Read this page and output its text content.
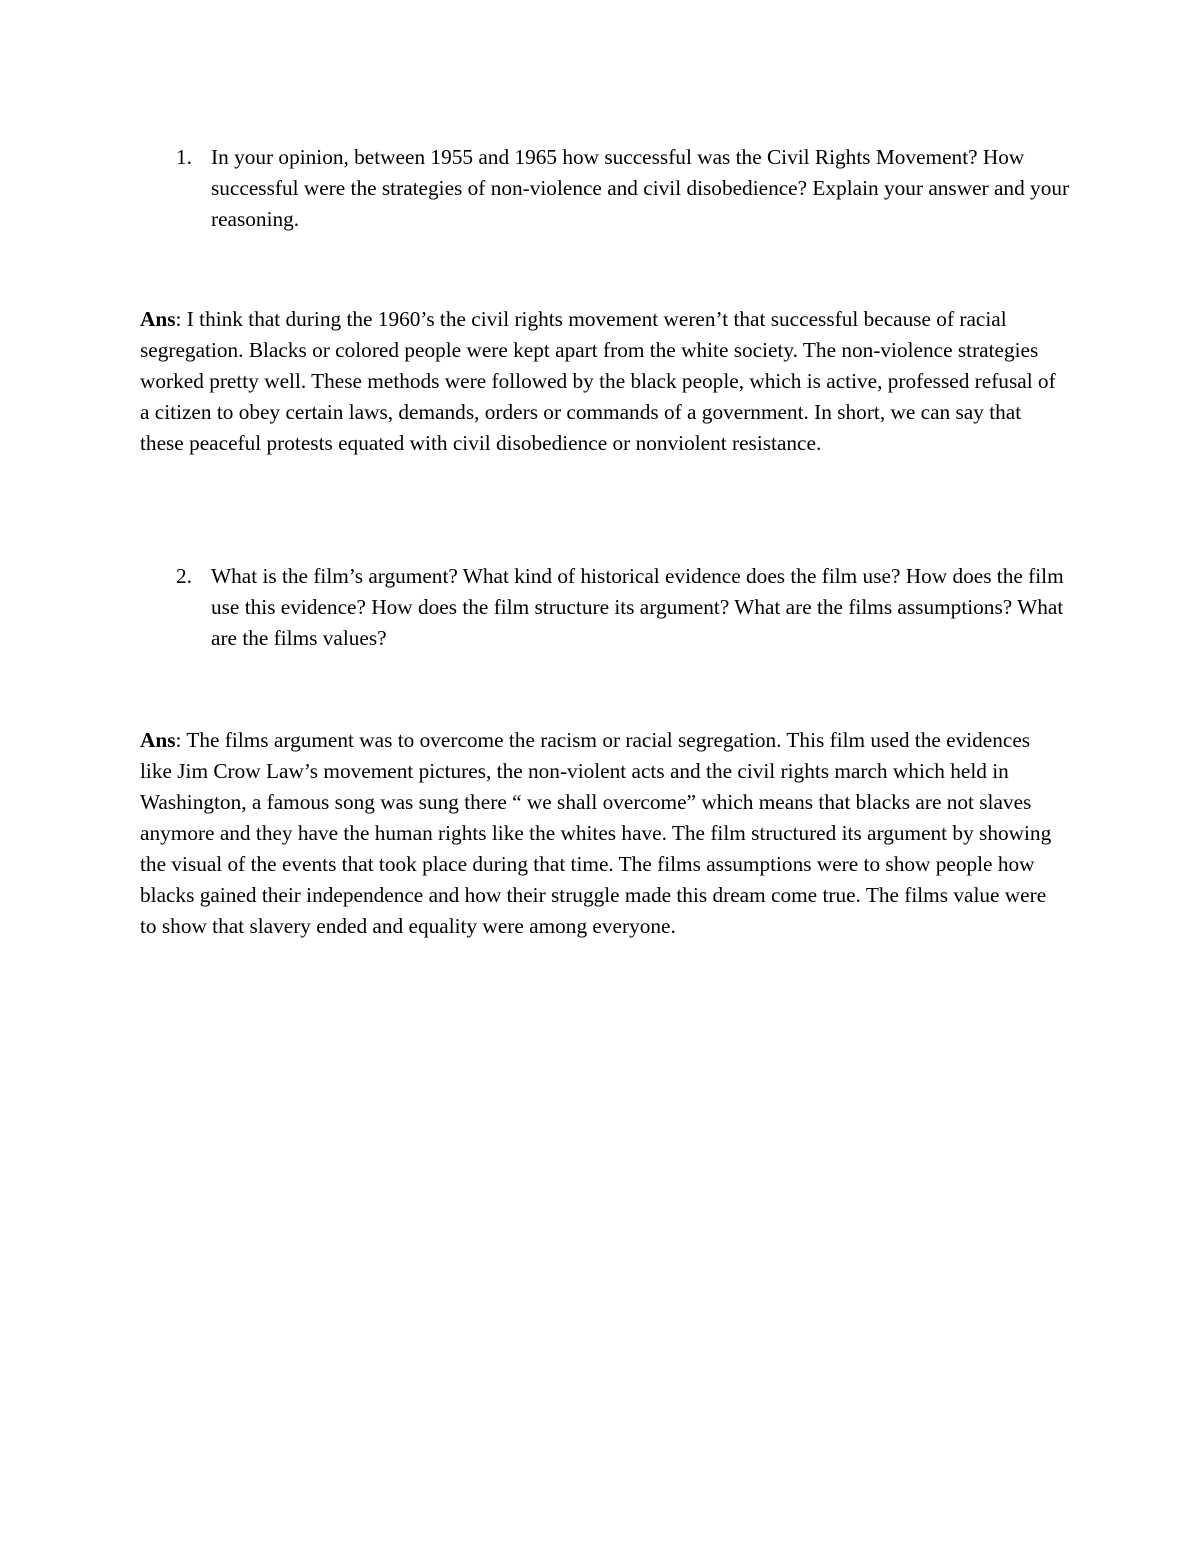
1. In your opinion, between 1955 and 1965 how successful was the Civil Rights Movement? How successful were the strategies of non-violence and civil disobedience? Explain your answer and your reasoning.
Ans: I think that during the 1960’s the civil rights movement weren’t that successful because of racial segregation. Blacks or colored people were kept apart from the white society. The non-violence strategies worked pretty well. These methods were followed by the black people, which is active, professed refusal of a citizen to obey certain laws, demands, orders or commands of a government. In short, we can say that these peaceful protests equated with civil disobedience or nonviolent resistance.
2. What is the film’s argument? What kind of historical evidence does the film use? How does the film use this evidence? How does the film structure its argument? What are the films assumptions? What are the films values?
Ans: The films argument was to overcome the racism or racial segregation. This film used the evidences like Jim Crow Law’s movement pictures, the non-violent acts and the civil rights march which held in Washington, a famous song was sung there “ we shall overcome” which means that blacks are not slaves anymore and they have the human rights like the whites have. The film structured its argument by showing the visual of the events that took place during that time. The films assumptions were to show people how blacks gained their independence and how their struggle made this dream come true. The films value were to show that slavery ended and equality were among everyone.
